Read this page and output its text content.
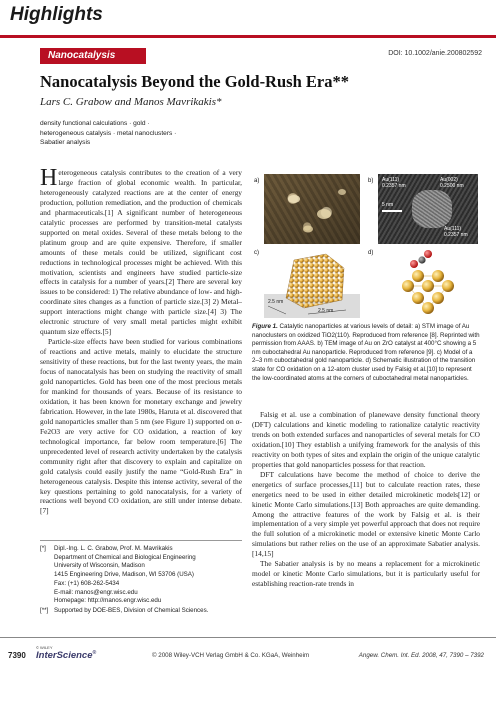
Highlights
Nanocatalysis	DOI: 10.1002/anie.200802592
Nanocatalysis Beyond the Gold-Rush Era**
Lars C. Grabow and Manos Mavrikakis*
density functional calculations · gold ·
heterogeneous catalysis · metal nanoclusters ·
Sabatier analysis

Heterogeneous catalysis contributes to the creation of a very large fraction of global economic wealth. In particular, heterogeneously catalyzed reactions are at the center of energy production, pollution remediation, and the production of chemicals and pharmaceuticals.[1] A significant number of heterogeneous catalytic processes are performed by transition-metal catalysts supported on metal oxides. Several of these metals belong to the platinum group and are quite expensive. Therefore, if smaller amounts of these metals could be utilized, significant cost reductions in technological processes might be achieved. With this motivation, scientists and engineers have studied particle-size effects in catalysis for a number of years.[2] There are several key issues to be considered: 1) The relative abundance of low- and high-coordinate sites changes as a function of particle size.[3] 2) Metal–support interactions might change with particle size.[4] 3) The electronic structure of very small metal particles might exhibit quantum size effects.[5]

Particle-size effects have been studied for various combinations of reactions and active metals, mainly to elucidate the structure sensitivity of these reactions, but for the last twenty years, the main focus of nanocatalysis has been on studying the reactivity of small gold nanoparticles. Gold has been one of the most precious metals for mankind for thousands of years. Because of its resistance to oxidation, it has been known for monetary exchange and jewelry fabrication. However, in the late 1980s, Haruta et al. discovered that gold nanoparticles smaller than 5 nm (see Figure 1) supported on α-Fe2O3 are very active for CO oxidation, a reaction of key technological importance, far below room temperature.[6] The unprecedented level of research activity undertaken by the catalysis community right after that discovery to explain and capitalize on gold catalysis could easily justify the name “Gold-Rush Era” in heterogeneous catalysis. Despite this intense activity, several of the key questions pertaining to gold nanocatalysis, for a variety of reactions well beyond CO oxidation, are still under intense debate.[7]

a)	b) Au(111)
0.2357 nm
Au(002)
0.2500 nm
5 nm
Au(111)
0.2357 nm
c)
2.5 nm
2.5 nm
d)
Figure 1. Catalytic nanoparticles at various levels of detail: a) STM image of Au nanoclusters on oxidized TiO2(110). Reproduced from reference [8]. Reprinted with permission from AAAS. b) TEM image of Au on ZrO catalyst at 400°C showing a 5 nm cuboctahedral Au nanoparticle. Reproduced from reference [9]. c) Model of a 2–3 nm cuboctahedral gold nanoparticle. d) Schematic illustration of the transition state for CO oxidation on a 12-atom cluster used by Falsig et al.[10] to represent the low-coordinated atoms at the corners of cuboctahedral metal nanoparticles.

Falsig et al. use a combination of planewave density functional theory (DFT) calculations and kinetic modeling to rationalize catalytic reactivity trends on both extended surfaces and nanoparticles of several metals for CO oxidation.[10] They establish a unifying framework for the analysis of this reactivity on both types of sites and explain the origin of the unique catalytic properties that gold nanoparticles possess for that reaction.

DFT calculations have become the method of choice to derive the energetics of surface processes,[11] but to calculate reaction rates, these energetics need to be used in either detailed microkinetic models[12] or kinetic Monte Carlo simulations.[13] Both approaches are quite demanding. Among the attractive features of the work by Falsig et al. is their implementation of a very simple yet powerful approach that does not require the full solution of a microkinetic model or extensive kinetic Monte Carlo simulations but rather relies on the use of an approximate Sabatier analysis.[14,15]

The Sabatier analysis is by no means a replacement for a microkinetic model or kinetic Monte Carlo simulations, but it is particularly useful for establishing reaction-rate trends in

[*]	Dipl.-Ing. L. C. Grabow, Prof. M. Mavrikakis
Department of Chemical and Biological Engineering
University of Wisconsin, Madison
1415 Engineering Drive, Madison, WI 53706 (USA)
Fax: (+1) 608-262-5434
E-mail: manos@engr.wisc.edu
Homepage: http://manos.engr.wisc.edu
[**] Supported by DOE-BES, Division of Chemical Sciences.
7390
© WILEY
InterScience®	© 2008 Wiley-VCH Verlag GmbH & Co. KGaA, Weinheim	Angew. Chem. Int. Ed. 2008, 47, 7390 – 7392
